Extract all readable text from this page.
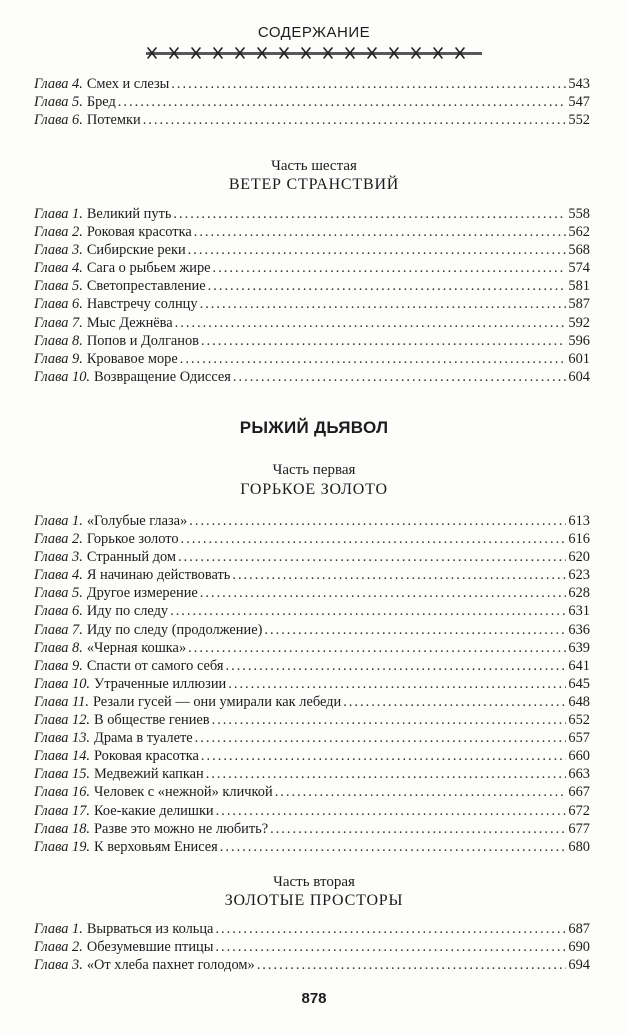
СОДЕРЖАНИЕ
Глава 4. Смех и слезы .....	543
Глава 5. Бред .....	547
Глава 6. Потемки .....	552
Часть шестая
ВЕТЕР СТРАНСТВИЙ
Глава 1. Великий путь .....	558
Глава 2. Роковая красотка .....	562
Глава 3. Сибирские реки .....	568
Глава 4. Сага о рыбьем жире .....	574
Глава 5. Светопреставление .....	581
Глава 6. Навстречу солнцу .....	587
Глава 7. Мыс Дежнёва .....	592
Глава 8. Попов и Долганов .....	596
Глава 9. Кровавое море .....	601
Глава 10. Возвращение Одиссея .....	604
РЫЖИЙ ДЬЯВОЛ
Часть первая
ГОРЬКОЕ ЗОЛОТО
Глава 1. «Голубые глаза» .....	613
Глава 2. Горькое золото .....	616
Глава 3. Странный дом .....	620
Глава 4. Я начинаю действовать .....	623
Глава 5. Другое измерение .....	628
Глава 6. Иду по следу .....	631
Глава 7. Иду по следу (продолжение) .....	636
Глава 8. «Черная кошка» .....	639
Глава 9. Спасти от самого себя .....	641
Глава 10. Утраченные иллюзии .....	645
Глава 11. Резали гусей — они умирали как лебеди .....	648
Глава 12. В обществе гениев .....	652
Глава 13. Драма в туалете .....	657
Глава 14. Роковая красотка .....	660
Глава 15. Медвежий капкан .....	663
Глава 16. Человек с «нежной» кличкой .....	667
Глава 17. Кое-какие делишки .....	672
Глава 18. Разве это можно не любить? .....	677
Глава 19. К верховьям Енисея .....	680
Часть вторая
ЗОЛОТЫЕ ПРОСТОРЫ
Глава 1. Вырваться из кольца .....	687
Глава 2. Обезумевшие птицы .....	690
Глава 3. «От хлеба пахнет голодом» .....	694
878
